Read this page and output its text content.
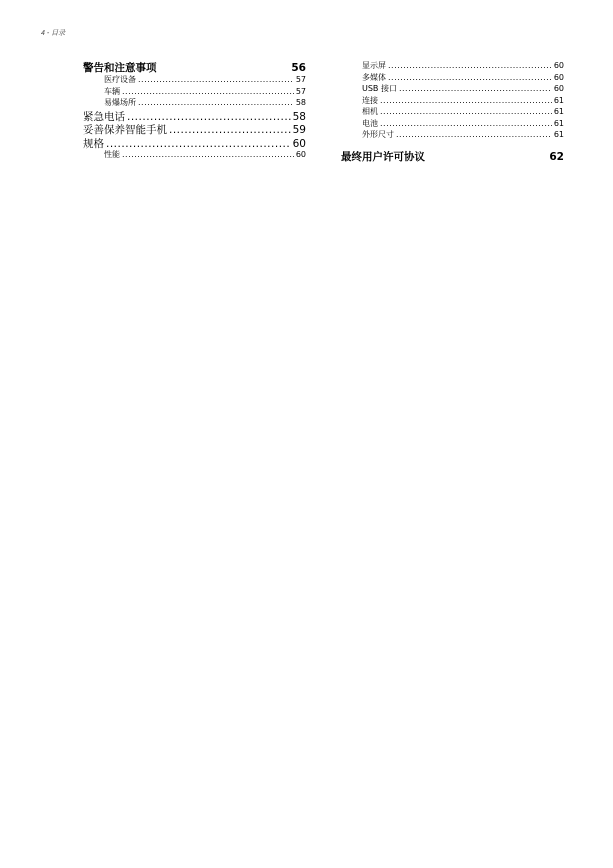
4 - 目录
警告和注意事项	56
医疗设备 .....	57
车辆 .....	57
易爆场所 .....	58
紧急电话 .....	58
妥善保养智能手机 .....	59
规格 .....	60
性能 .....	60
显示屏 .....	60
多媒体 .....	60
USB 接口 .....	60
连接 .....	61
相机 .....	61
电池 .....	61
外形尺寸 .....	61
最终用户许可协议	62
